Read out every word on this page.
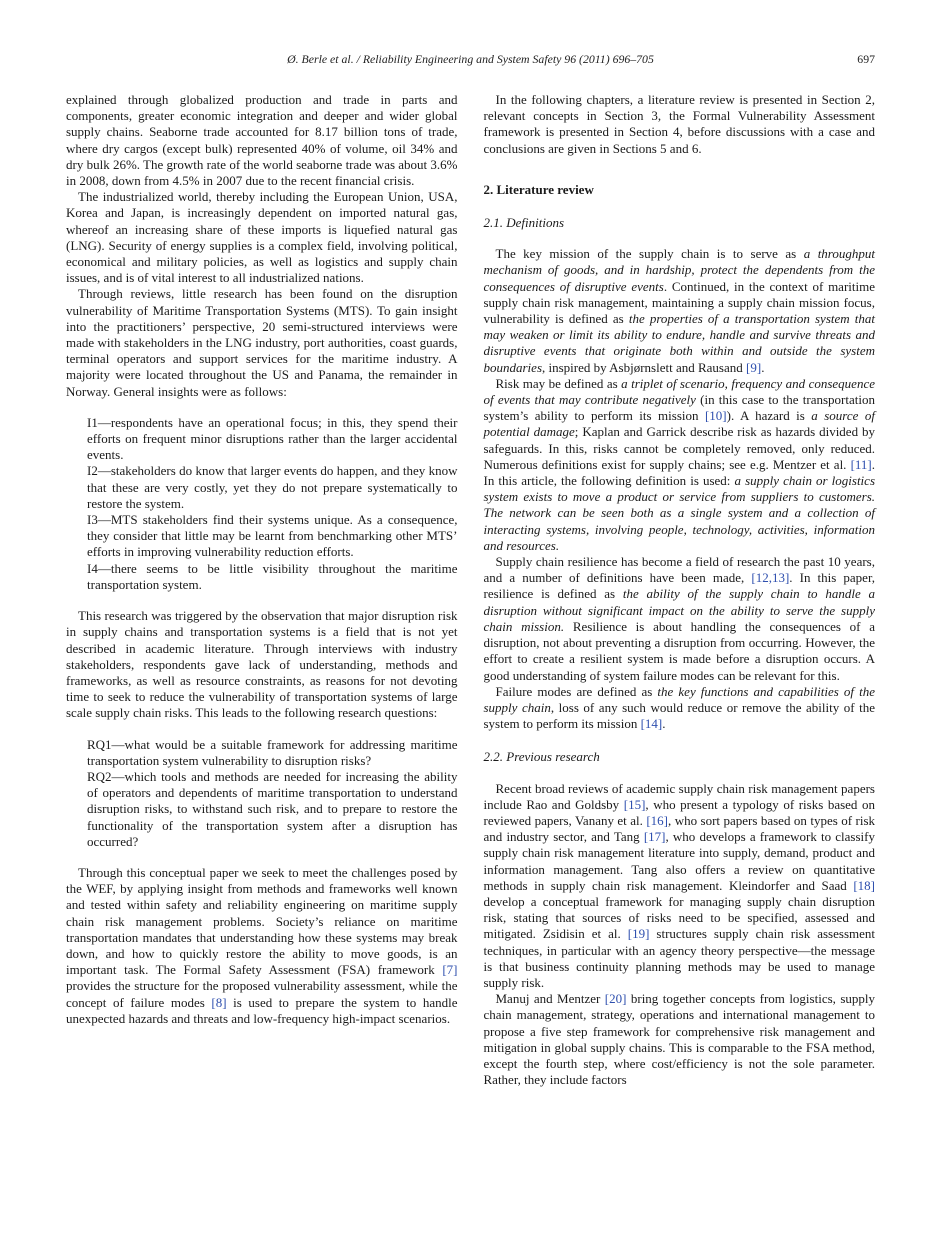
Ø. Berle et al. / Reliability Engineering and System Safety 96 (2011) 696–705	697

explained through globalized production and trade in parts and components, greater economic integration and deeper and wider global supply chains. Seaborne trade accounted for 8.17 billion tons of trade, where dry cargos (except bulk) represented 40% of volume, oil 34% and dry bulk 26%. The growth rate of the world seaborne trade was about 3.6% in 2008, down from 4.5% in 2007 due to the recent financial crisis.

The industrialized world, thereby including the European Union, USA, Korea and Japan, is increasingly dependent on imported natural gas, whereof an increasing share of these imports is liquefied natural gas (LNG). Security of energy supplies is a complex field, involving political, economical and military policies, as well as logistics and supply chain issues, and is of vital interest to all industrialized nations.

Through reviews, little research has been found on the disruption vulnerability of Maritime Transportation Systems (MTS). To gain insight into the practitioners’ perspective, 20 semi-structured interviews were made with stakeholders in the LNG industry, port authorities, coast guards, terminal operators and support services for the maritime industry. A majority were located throughout the US and Panama, the remainder in Norway. General insights were as follows:

I1—respondents have an operational focus; in this, they spend their efforts on frequent minor disruptions rather than the larger accidental events.

I2—stakeholders do know that larger events do happen, and they know that these are very costly, yet they do not prepare systematically to restore the system.

I3—MTS stakeholders find their systems unique. As a consequence, they consider that little may be learnt from benchmarking other MTS’ efforts in improving vulnerability reduction efforts.

I4—there seems to be little visibility throughout the maritime transportation system.

This research was triggered by the observation that major disruption risk in supply chains and transportation systems is a field that is not yet described in academic literature. Through interviews with industry stakeholders, respondents gave lack of understanding, methods and frameworks, as well as resource constraints, as reasons for not devoting time to seek to reduce the vulnerability of transportation systems of large scale supply chain risks. This leads to the following research questions:

RQ1—what would be a suitable framework for addressing maritime transportation system vulnerability to disruption risks?

RQ2—which tools and methods are needed for increasing the ability of operators and dependents of maritime transportation to understand disruption risks, to withstand such risk, and to prepare to restore the functionality of the transportation system after a disruption has occurred?

Through this conceptual paper we seek to meet the challenges posed by the WEF, by applying insight from methods and frameworks well known and tested within safety and reliability engineering on maritime supply chain risk management problems. Society’s reliance on maritime transportation mandates that understanding how these systems may break down, and how to quickly restore the ability to move goods, is an important task. The Formal Safety Assessment (FSA) framework [7] provides the structure for the proposed vulnerability assessment, while the concept of failure modes [8] is used to prepare the system to handle unexpected hazards and threats and low-frequency high-impact scenarios.

In the following chapters, a literature review is presented in Section 2, relevant concepts in Section 3, the Formal Vulnerability Assessment framework is presented in Section 4, before discussions with a case and conclusions are given in Sections 5 and 6.

2. Literature review
2.1. Definitions

The key mission of the supply chain is to serve as a throughput mechanism of goods, and in hardship, protect the dependents from the consequences of disruptive events. Continued, in the context of maritime supply chain risk management, maintaining a supply chain mission focus, vulnerability is defined as the properties of a transportation system that may weaken or limit its ability to endure, handle and survive threats and disruptive events that originate both within and outside the system boundaries, inspired by Asbjørnslett and Rausand [9].

Risk may be defined as a triplet of scenario, frequency and consequence of events that may contribute negatively (in this case to the transportation system’s ability to perform its mission [10]). A hazard is a source of potential damage; Kaplan and Garrick describe risk as hazards divided by safeguards. In this, risks cannot be completely removed, only reduced. Numerous definitions exist for supply chains; see e.g. Mentzer et al. [11]. In this article, the following definition is used: a supply chain or logistics system exists to move a product or service from suppliers to customers. The network can be seen both as a single system and a collection of interacting systems, involving people, technology, activities, information and resources.

Supply chain resilience has become a field of research the past 10 years, and a number of definitions have been made, [12,13]. In this paper, resilience is defined as the ability of the supply chain to handle a disruption without significant impact on the ability to serve the supply chain mission. Resilience is about handling the consequences of a disruption, not about preventing a disruption from occurring. However, the effort to create a resilient system is made before a disruption occurs. A good understanding of system failure modes can be relevant for this.

Failure modes are defined as the key functions and capabilities of the supply chain, loss of any such would reduce or remove the ability of the system to perform its mission [14].

2.2. Previous research

Recent broad reviews of academic supply chain risk management papers include Rao and Goldsby [15], who present a typology of risks based on reviewed papers, Vanany et al. [16], who sort papers based on types of risk and industry sector, and Tang [17], who develops a framework to classify supply chain risk management literature into supply, demand, product and information management. Tang also offers a review on quantitative methods in supply chain risk management. Kleindorfer and Saad [18] develop a conceptual framework for managing supply chain disruption risk, stating that sources of risks need to be specified, assessed and mitigated. Zsidisin et al. [19] structures supply chain risk assessment techniques, in particular with an agency theory perspective—the message is that business continuity planning methods may be used to manage supply risk.

Manuj and Mentzer [20] bring together concepts from logistics, supply chain management, strategy, operations and international management to propose a five step framework for comprehensive risk management and mitigation in global supply chains. This is comparable to the FSA method, except the fourth step, where cost/efficiency is not the sole parameter. Rather, they include factors
